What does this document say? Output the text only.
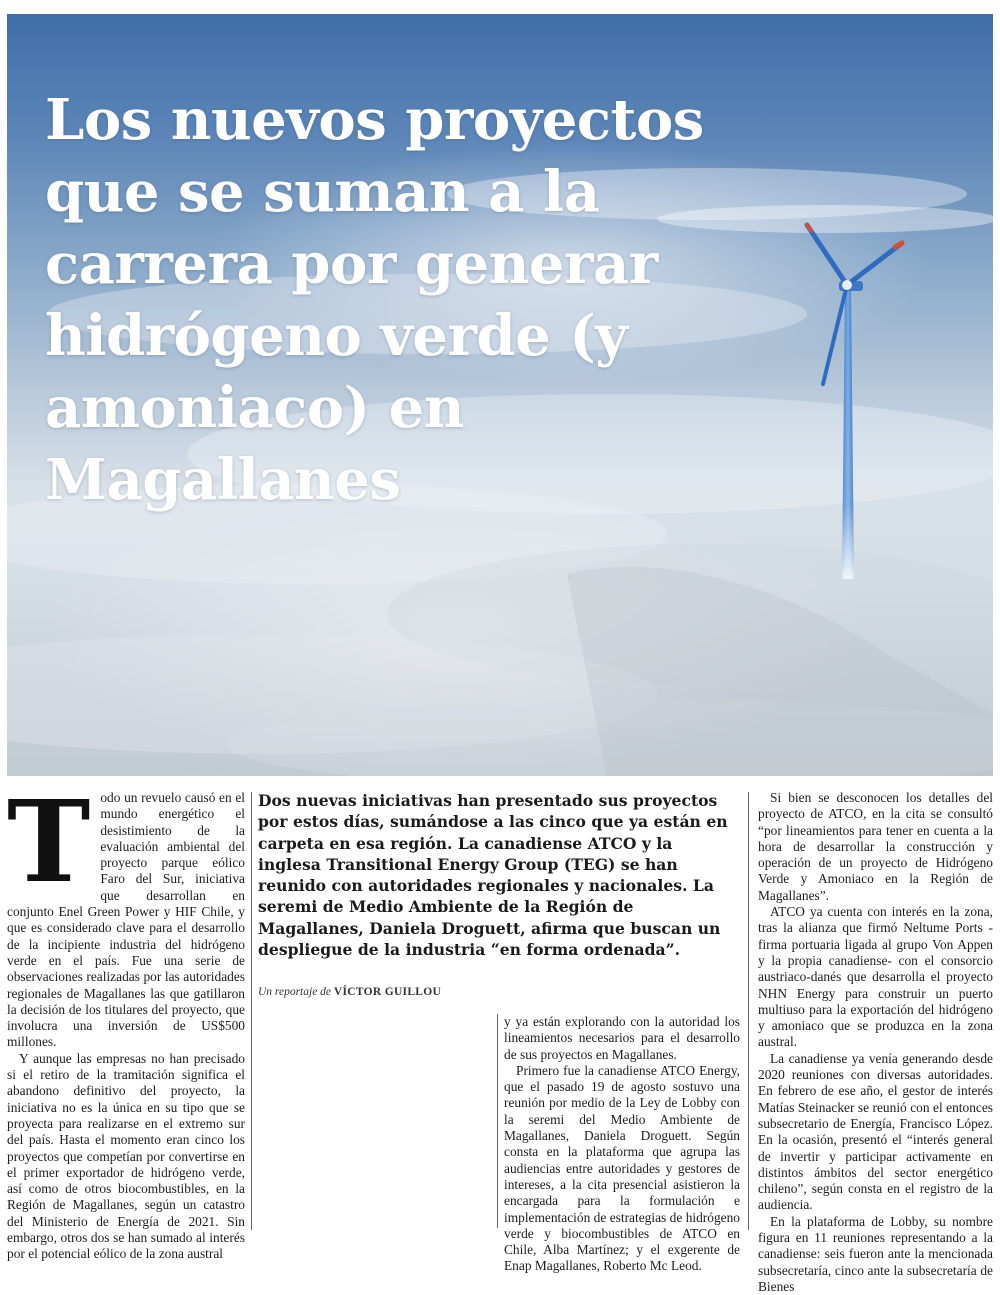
Los nuevos proyectos que se suman a la carrera por generar hidrógeno verde (y amoniaco) en Magallanes
T odo un revuelo causó en el mundo energético el desistimiento de la evaluación ambiental del proyecto parque eólico Faro del Sur, iniciativa que desarrollan en conjunto Enel Green Power y HIF Chile, y que es considerado clave para el desarrollo de la incipiente industria del hidrógeno verde en el país. Fue una serie de observaciones realizadas por las autoridades regionales de Magallanes las que gatillaron la decisión de los titulares del proyecto, que involucra una inversión de US$500 millones.

Y aunque las empresas no han precisado si el retiro de la tramitación significa el abandono definitivo del proyecto, la iniciativa no es la única en su tipo que se proyecta para realizarse en el extremo sur del país. Hasta el momento eran cinco los proyectos que competían por convertirse en el primer exportador de hidrógeno verde, así como de otros biocombustibles, en la Región de Magallanes, según un catastro del Ministerio de Energía de 2021. Sin embargo, otros dos se han sumado al interés por el potencial eólico de la zona austral

Dos nuevas iniciativas han presentado sus proyectos por estos días, sumándose a las cinco que ya están en carpeta en esa región. La canadiense ATCO y la inglesa Transitional Energy Group (TEG) se han reunido con autoridades regionales y nacionales. La seremi de Medio Ambiente de la Región de Magallanes, Daniela Droguett, afirma que buscan un despliegue de la industria “en forma ordenada”.

Un reportaje de VÍCTOR GUILLOU

y ya están explorando con la autoridad los lineamientos necesarios para el desarrollo de sus proyectos en Magallanes.

Primero fue la canadiense ATCO Energy, que el pasado 19 de agosto sostuvo una reunión por medio de la Ley de Lobby con la seremi del Medio Ambiente de Magallanes, Daniela Droguett. Según consta en la plataforma que agrupa las audiencias entre autoridades y gestores de intereses, a la cita presencial asistieron la encargada para la formulación e implementación de estrategias de hidrógeno verde y biocombustibles de ATCO en Chile, Alba Martínez; y el exgerente de Enap Magallanes, Roberto Mc Leod.

Si bien se desconocen los detalles del proyecto de ATCO, en la cita se consultó “por lineamientos para tener en cuenta a la hora de desarrollar la construcción y operación de un proyecto de Hidrógeno Verde y Amoniaco en la Región de Magallanes”.

ATCO ya cuenta con interés en la zona, tras la alianza que firmó Neltume Ports -firma portuaria ligada al grupo Von Appen y la propia canadiense- con el consorcio austriaco-danés que desarrolla el proyecto NHN Energy para construir un puerto multiuso para la exportación del hidrógeno y amoniaco que se produzca en la zona austral.

La canadiense ya venía generando desde 2020 reuniones con diversas autoridades. En febrero de ese año, el gestor de interés Matías Steinacker se reunió con el entonces subsecretario de Energía, Francisco López. En la ocasión, presentó el “interés general de invertir y participar activamente en distintos ámbitos del sector energético chileno”, según consta en el registro de la audiencia.

En la plataforma de Lobby, su nombre figura en 11 reuniones representando a la canadiense: seis fueron ante la mencionada subsecretaría, cinco ante la subsecretaría de Bienes
